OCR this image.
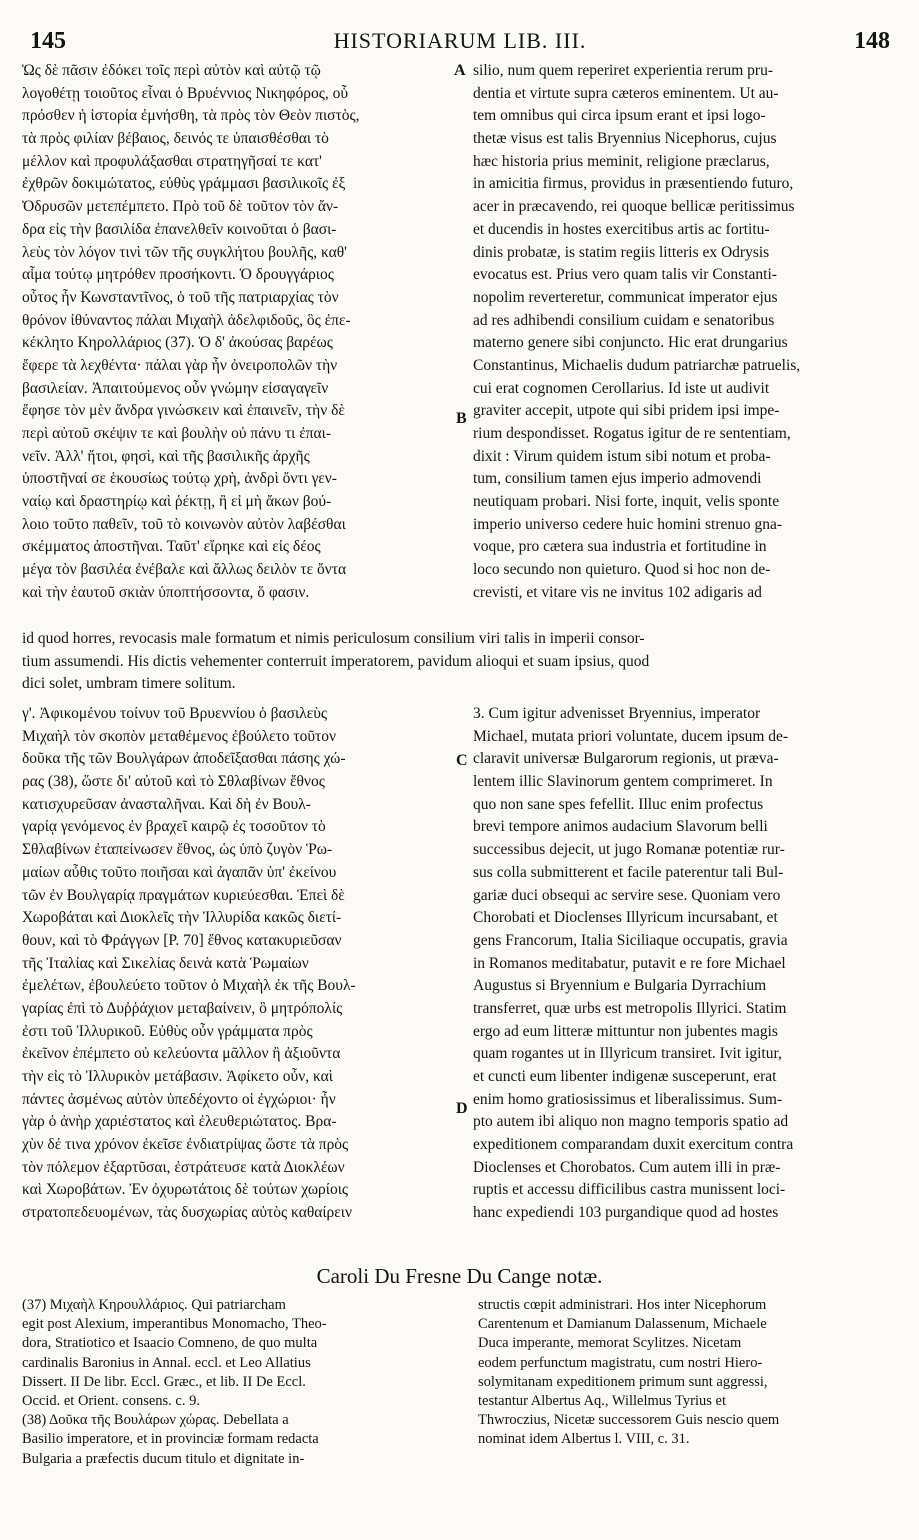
HISTORIARUM LIB. III.
145	148
Ὡς δὲ πᾶσιν ἐδόκει τοῖς περὶ αὐτὸν καὶ αὐτῷ τῷ
λογοθέτῃ τοιοῦτος εἶναι ὁ Βρυέννιος Νικηφόρος, οὗ
πρόσθεν ἡ ἱστορία ἐμνήσθη, τὰ πρὸς τὸν Θεὸν πιστὸς,
τὰ πρὸς φιλίαν βέβαιος, δεινός τε ὑπαισθέσθαι τὸ
μέλλον καὶ προφυλάξασθαι στρατηγῆσαί τε κατ'
ἐχθρῶν δοκιμώτατος, εὐθὺς γράμμασι βασιλικοῖς ἐξ
Ὀδρυσῶν μετεπέμπετο. Πρὸ τοῦ δὲ τοῦτον τὸν ἄν-
δρα εἰς τὴν βασιλίδα ἐπανελθεῖν κοινοῦται ὁ βασι-
λεὺς τὸν λόγον τινὶ τῶν τῆς συγκλήτου βουλῆς, καθ'
αἷμα τούτῳ μητρόθεν προσήκοντι. Ὁ δρουγγάριος
οὗτος ἦν Κωνσταντῖνος, ὁ τοῦ τῆς πατριαρχίας τὸν
θρόνον ἰθύναντος πάλαι Μιχαὴλ ἀδελφιδοῦς, ὃς ἐπε-
κέκλητο Κηρολλάριος (37). Ὁ δ' ἀκούσας βαρέως
ἔφερε τὰ λεχθέντα· πάλαι γὰρ ἦν ὀνειροπολῶν τὴν
βασιλείαν. Ἀπαιτούμενος οὖν γνώμην εἰσαγαγεῖν
ἔφησε τὸν μὲν ἄνδρα γινώσκειν καὶ ἐπαινεῖν, τὴν δὲ
περὶ αὐτοῦ σκέψιν τε καὶ βουλὴν οὐ πάνυ τι ἐπαι-
νεῖν. Ἀλλ' ἤτοι, φησὶ, καὶ τῆς βασιλικῆς ἀρχῆς
ὑποστῆναί σε ἑκουσίως τούτῳ χρὴ, ἀνδρὶ ὄντι γεν-
ναίῳ καὶ δραστηρίῳ καὶ ῥέκτῃ, ἢ εἰ μὴ ἄκων βού-
λοιο τοῦτο παθεῖν, τοῦ τὸ κοινωνὸν αὐτὸν λαβέσθαι
σκέμματος ἀποστῆναι. Ταῦτ' εἴρηκε καὶ εἰς δέος
μέγα τὸν βασιλέα ἐνέβαλε καὶ ἄλλως δειλὸν τε ὄντα
καὶ τὴν ἑαυτοῦ σκιὰν ὑποπτήσσοντα, ὅ φασιν.
silio, num quem reperiret experientia rerum pru-
dentia et virtute supra cæteros eminentem. Ut au-
tem omnibus qui circa ipsum erant et ipsi logo-
thetæ visus est talis Bryennius Nicephorus, cujus
hæc historia prius meminit, religione præclarus,
in amicitia firmus, providus in præsentiendo futuro,
acer in præcavendo, rei quoque bellicæ peritissimus
et ducendis in hostes exercitibus artis ac fortitu-
dinis probatæ, is statim regiis litteris ex Odrysis
evocatus est. Prius vero quam talis vir Constanti-
nopolim reverteretur, communicat imperator ejus
ad res adhibendi consilium cuidam e senatoribus
materno genere sibi conjuncto. Hic erat drungarius
Constantinus, Michaelis dudum patriarchæ patruelis,
cui erat cognomen Cerollarius. Id iste ut audivit
graviter accepit, utpote qui sibi pridem ipsi impe-
rium despondisset. Rogatus igitur de re sententiam,
dixit : Virum quidem istum sibi notum et proba-
tum, consilium tamen ejus imperio admovendi
neutiquam probari. Nisi forte, inquit, velis sponte
imperio universo cedere huic homini strenuo gna-
voque, pro cætera sua industria et fortitudine in
loco secundo non quieturo. Quod si hoc non de-
crevisti, et vitare vis ne invitus 102 adigaris ad
A
B
C
D
id quod horres, revocasis male formatum et nimis periculosum consilium viri talis in imperii consor-
tium assumendi. His dictis vehementer conterruit imperatorem, pavidum alioqui et suam ipsius, quod
dici solet, umbram timere solitum.
γ'. Ἀφικομένου τοίνυν τοῦ Βρυεννίου ὁ βασιλεὺς
Μιχαὴλ τὸν σκοπὸν μεταθέμενος ἐβούλετο τοῦτον
δοῦκα τῆς τῶν Βουλγάρων ἀποδεῖξασθαι πάσης χώ-
ρας (38), ὥστε δι' αὐτοῦ καὶ τὸ Σθλαβίνων ἔθνος
κατισχυρεῦσαν ἀνασταλῆναι. Καὶ δὴ ἐν Βουλ-
γαρίᾳ γενόμενος ἐν βραχεῖ καιρῷ ἐς τοσοῦτον τὸ
Σθλαβίνων ἐταπείνωσεν ἔθνος, ὡς ὑπὸ ζυγὸν Ῥω-
μαίων αὖθις τοῦτο ποιῆσαι καὶ ἀγαπᾶν ὑπ' ἐκείνου
τῶν ἐν Βουλγαρίᾳ πραγμάτων κυριεύεσθαι. Ἐπεὶ δὲ
Χωροβάται καὶ Διοκλεῖς τὴν Ἰλλυρίδα κακῶς διετί-
θουν, καὶ τὸ Φράγγων [P. 70] ἔθνος κατακυριεῦσαν
τῆς Ἰταλίας καὶ Σικελίας δεινὰ κατὰ Ῥωμαίων
ἐμελέτων, ἐβουλεύετο τοῦτον ὁ Μιχαὴλ ἐκ τῆς Βουλ-
γαρίας ἐπὶ τὸ Δυῤῥάχιον μεταβαίνειν, ὃ μητρόπολίς
ἐστι τοῦ Ἰλλυρικοῦ. Εὐθὺς οὖν γράμματα πρὸς
ἐκεῖνον ἐπέμπετο οὐ κελεύοντα μᾶλλον ἢ ἀξιοῦντα
τὴν εἰς τὸ Ἰλλυρικὸν μετάβασιν. Ἀφίκετο οὖν, καὶ
πάντες ἀσμένως αὐτὸν ὑπεδέχοντο οἱ ἐγχώριοι· ἦν
γὰρ ὁ ἀνὴρ χαριέστατος καὶ ἐλευθεριώτατος. Βρα-
χὺν δέ τινα χρόνον ἐκεῖσε ἐνδιατρίψας ὥστε τὰ πρὸς
τὸν πόλεμον ἐξαρτῦσαι, ἐστράτευσε κατὰ Διοκλέων
καὶ Χωροβάτων. Ἐν ὀχυρωτάτοις δὲ τούτων χωρίοις
στρατοπεδευομένων, τὰς δυσχωρίας αὐτὸς καθαίρειν
3. Cum igitur advenisset Bryennius, imperator
Michael, mutata priori voluntate, ducem ipsum de-
claravit universæ Bulgarorum regionis, ut præva-
lentem illic Slavinorum gentem comprimeret. In
quo non sane spes fefellit. Illuc enim profectus
brevi tempore animos audacium Slavorum belli
successibus dejecit, ut jugo Romanæ potentiæ rur-
sus colla submitterent et facile paterentur tali Bul-
gariæ duci obsequi ac servire sese. Quoniam vero
Chorobati et Dioclenses Illyricum incursabant, et
gens Francorum, Italia Siciliaque occupatis, gravia
in Romanos meditabatur, putavit e re fore Michael
Augustus si Bryennium e Bulgaria Dyrrachium
transferret, quæ urbs est metropolis Illyrici. Statim
ergo ad eum litteræ mittuntur non jubentes magis
quam rogantes ut in Illyricum transiret. Ivit igitur,
et cuncti eum libenter indigenæ susceperunt, erat
enim homo gratiosissimus et liberalissimus. Sum-
pto autem ibi aliquo non magno temporis spatio ad
expeditionem comparandam duxit exercitum contra
Dioclenses et Chorobatos. Cum autem illi in præ-
ruptis et accessu difficilibus castra munissent loci-
hanc expediendi 103 purgandique quod ad hostes
Caroli Du Fresne Du Cange notæ.
(37) Μιχαὴλ Κηρουλλάριος. Qui patriarcham
egit post Alexium, imperantibus Monomacho, Theo-
dora, Stratiotico et Isaacio Comneno, de quo multa
cardinalis Baronius in Annal. eccl. et Leo Allatius
Dissert. II De libr. Eccl. Græc., et lib. II De Eccl.
Occid. et Orient. consens. c. 9.
(38) Δοῦκα τῆς Βουλάρων χώρας. Debellata a
Basilio imperatore, et in provinciæ formam redacta
Bulgaria a præfectis ducum titulo et dignitate in-
structis cœpit administrari. Hos inter Nicephorum
Carentenum et Damianum Dalassenum, Michaele
Duca imperante, memorat Scylitzes. Nicetam
eodem perfunctum magistratu, cum nostri Hiero-
solymitanam expeditionem primum sunt aggressi,
testantur Albertus Aq., Willelmus Tyrius et
Thwroczius, Nicetæ successorem Guis nescio quem
nominat idem Albertus l. VIII, c. 31.
